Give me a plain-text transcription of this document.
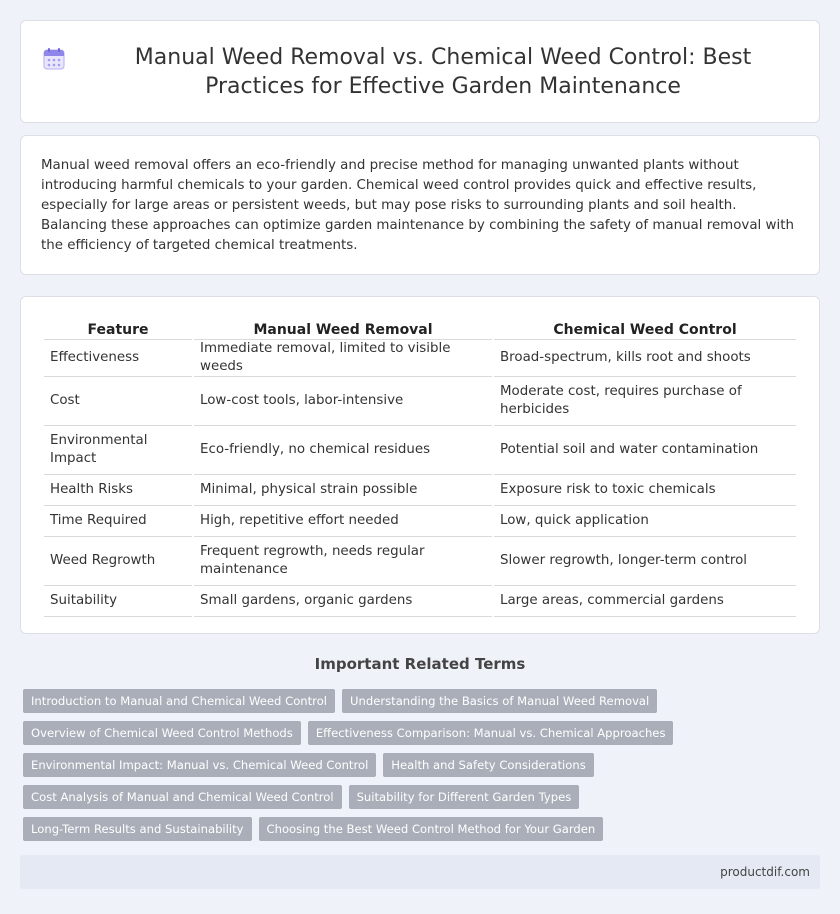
Manual Weed Removal vs. Chemical Weed Control: Best Practices for Effective Garden Maintenance

Manual weed removal offers an eco-friendly and precise method for managing unwanted plants without introducing harmful chemicals to your garden. Chemical weed control provides quick and effective results, especially for large areas or persistent weeds, but may pose risks to surrounding plants and soil health. Balancing these approaches can optimize garden maintenance by combining the safety of manual removal with the efficiency of targeted chemical treatments.

Feature	Manual Weed Removal	Chemical Weed Control
Effectiveness	Immediate removal, limited to visible weeds	Broad-spectrum, kills root and shoots
Cost	Low-cost tools, labor-intensive	Moderate cost, requires purchase of herbicides
Environmental Impact	Eco-friendly, no chemical residues	Potential soil and water contamination
Health Risks	Minimal, physical strain possible	Exposure risk to toxic chemicals
Time Required	High, repetitive effort needed	Low, quick application
Weed Regrowth	Frequent regrowth, needs regular maintenance	Slower regrowth, longer-term control
Suitability	Small gardens, organic gardens	Large areas, commercial gardens
Important Related Terms
Introduction to Manual and Chemical Weed Control	Understanding the Basics of Manual Weed Removal
Overview of Chemical Weed Control Methods	Effectiveness Comparison: Manual vs. Chemical Approaches
Environmental Impact: Manual vs. Chemical Weed Control	Health and Safety Considerations
Cost Analysis of Manual and Chemical Weed Control	Suitability for Different Garden Types
Long-Term Results and Sustainability	Choosing the Best Weed Control Method for Your Garden
productdif.com
